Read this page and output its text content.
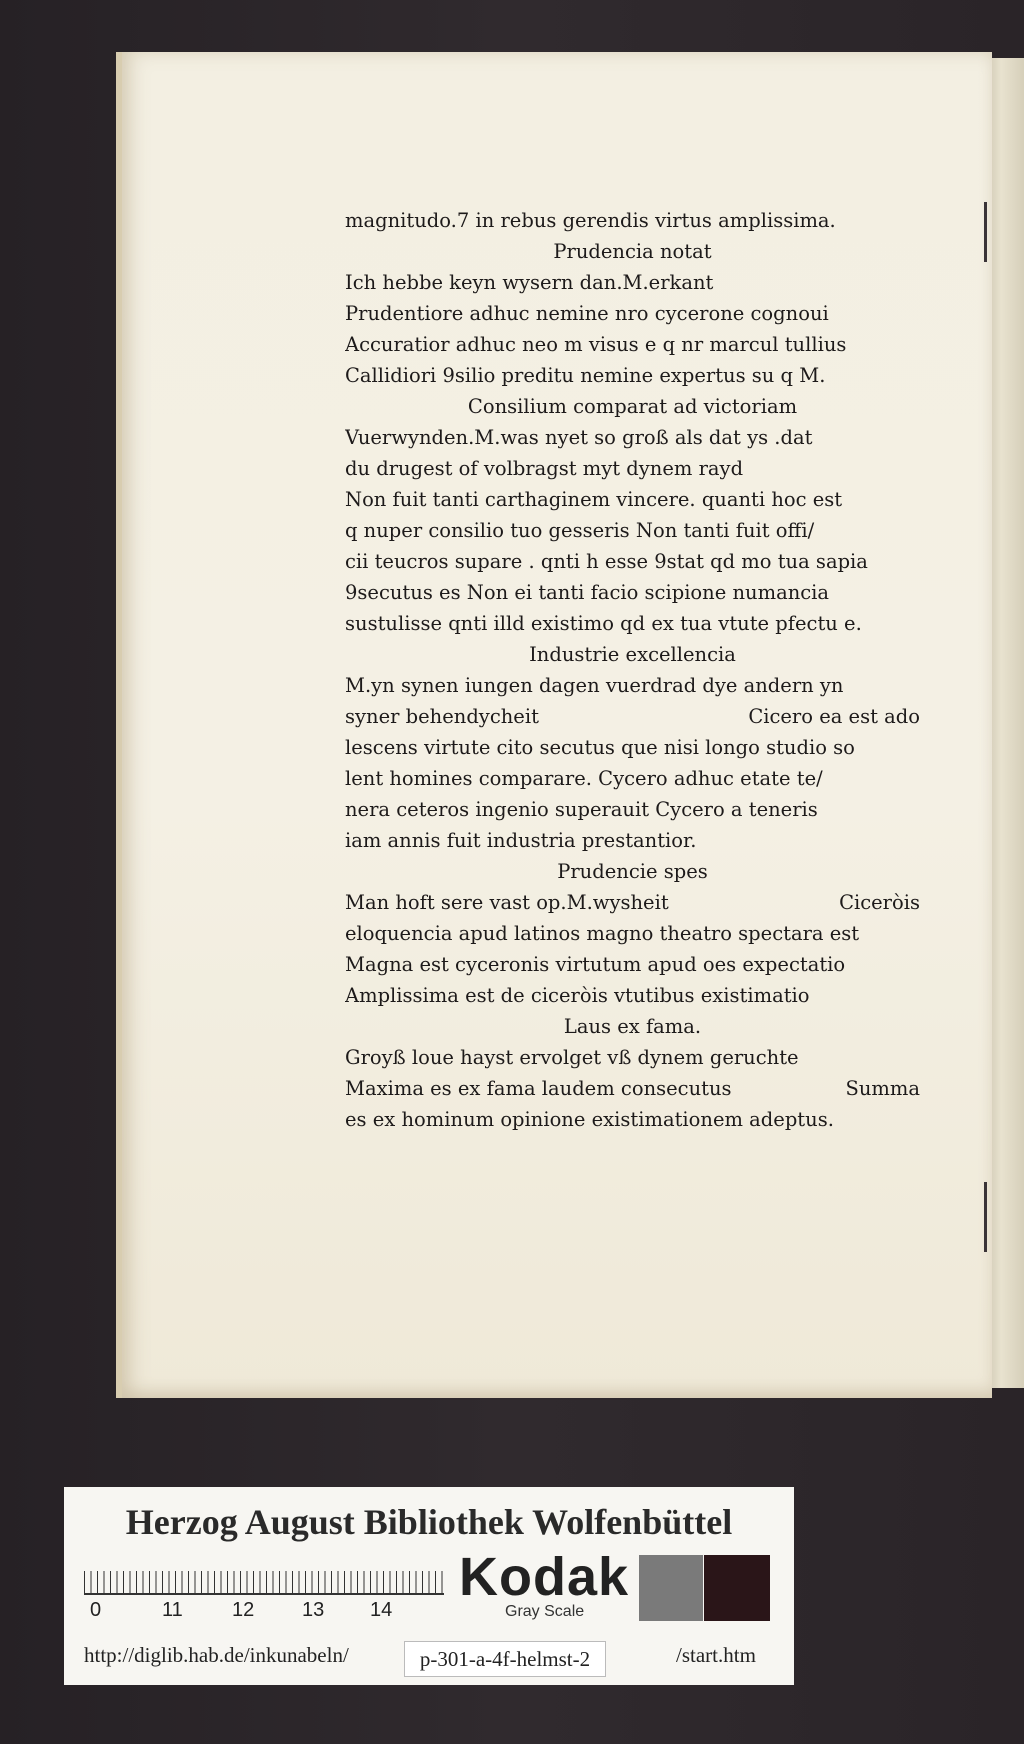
magnitudo.7 in rebus gerendis virtus amplissima.
Prudencia notat
Ich hebbe keyn wysern dan.M.erkant
Prudentiore adhuc nemine nro cycerone cognoui
Accuratior adhuc neo m visus e q nr marcul tullius
Callidiori 9silio preditu nemine expertus su q M.
Consilium comparat ad victoriam
Vuerwynden.M.was nyet so groß als dat ys .dat
du drugest of volbragst myt dynem rayd
Non fuit tanti carthaginem vincere. quanti hoc est
q nuper consilio tuo gesseris Non tanti fuit offi/
cii teucros supare . qnti h esse 9stat qd mo tua sapia
9secutus es Non ei tanti facio scipione numancia
sustulisse qnti illd existimo qd ex tua vtute pfectu e.
Industrie excellencia
M.yn synen iungen dagen vuerdrad dye andern yn
syner behendycheit	Cicero ea est ado
lescens virtute cito secutus que nisi longo studio so
lent homines comparare. Cycero adhuc etate te/
nera ceteros ingenio superauit Cycero a teneris
iam annis fuit industria prestantior.
Prudencie spes
Man hoft sere vast op.M.wysheit	Ciceròis
eloquencia apud latinos magno theatro spectara est
Magna est cyceronis virtutum apud oes expectatio
Amplissima est de ciceròis vtutibus existimatio
Laus ex fama.
Groyß loue hayst ervolget vß dynem geruchte
Maxima es ex fama laudem consecutus	Summa
es ex hominum opinione existimationem adeptus.
Herzog August Bibliothek Wolfenbüttel
0	11 12 13 14
Kodak
Gray Scale
http://diglib.hab.de/inkunabeln/	p-301-a-4f-helmst-2	/start.htm
